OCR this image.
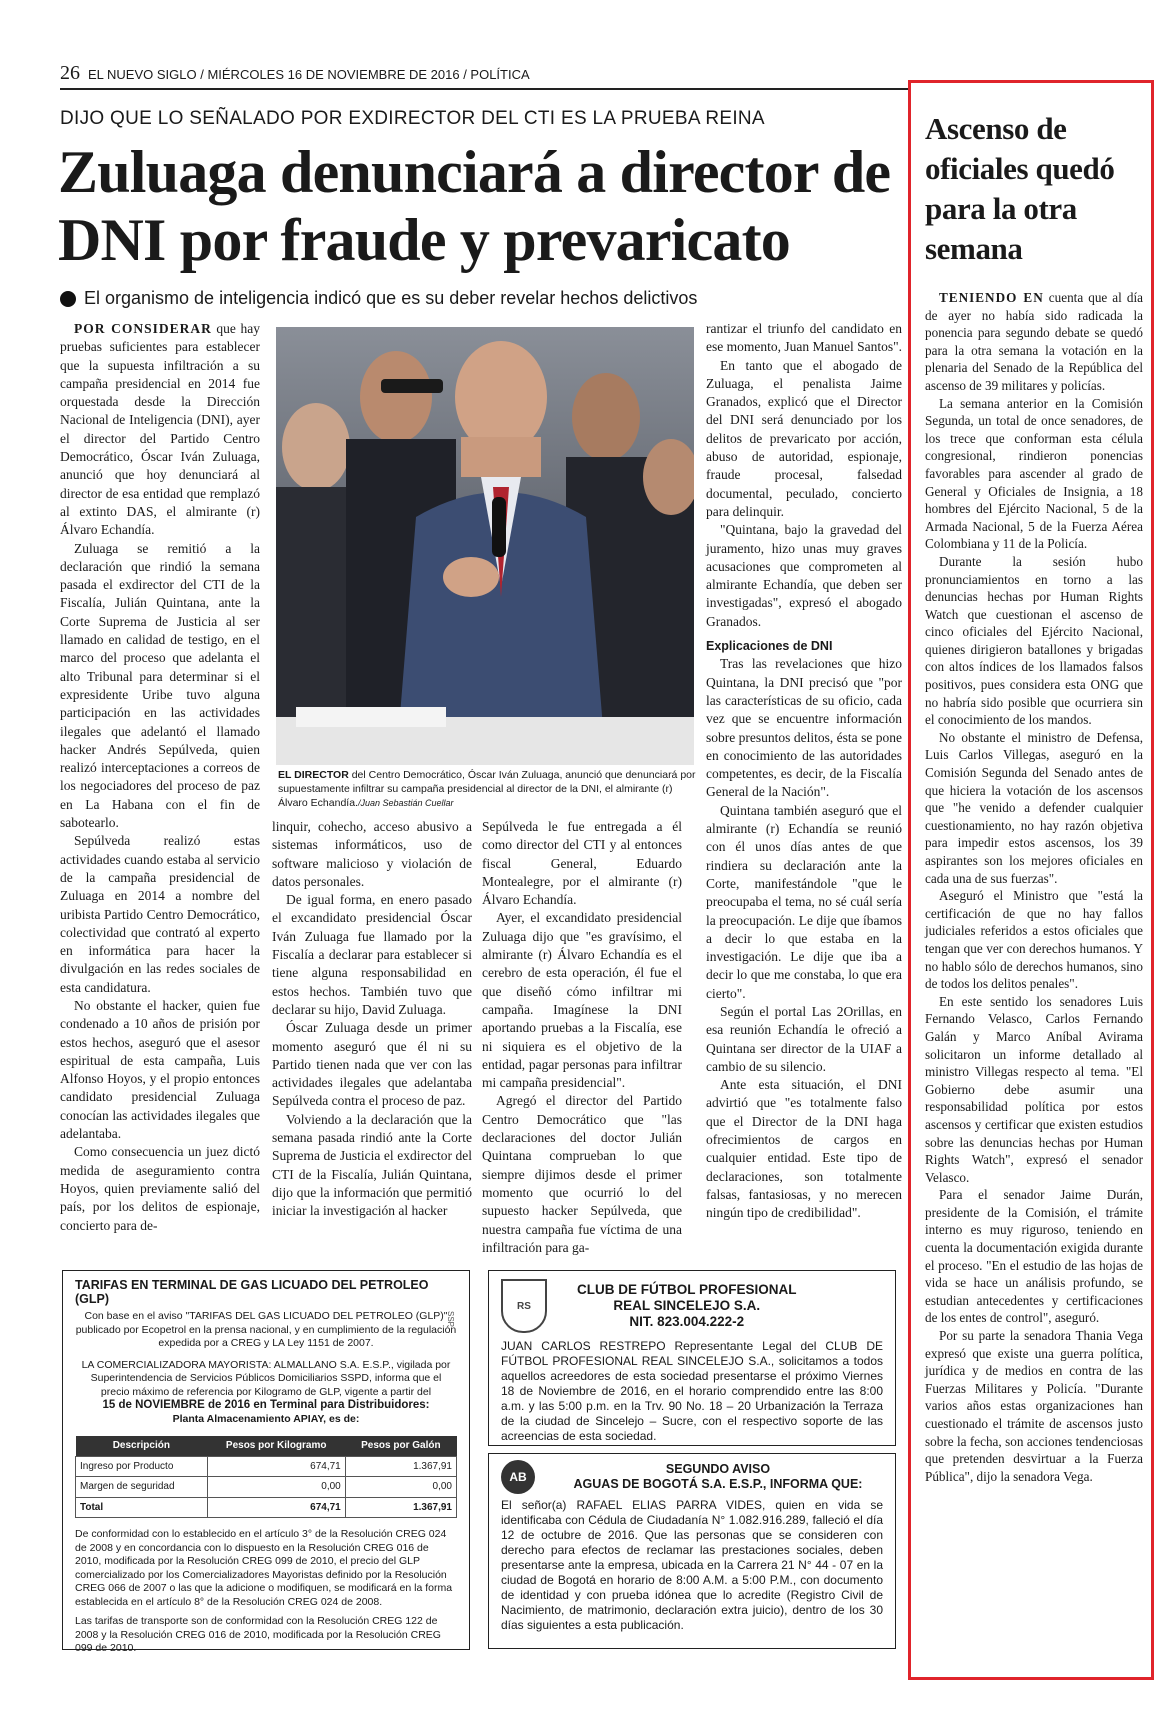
26 EL NUEVO SIGLO / MIÉRCOLES 16 DE NOVIEMBRE DE 2016 / POLÍTICA
DIJO QUE LO SEÑALADO POR EXDIRECTOR DEL CTI ES LA PRUEBA REINA
Zuluaga denunciará a director de DNI por fraude y prevaricato
El organismo de inteligencia indicó que es su deber revelar hechos delictivos

POR CONSIDERAR que hay pruebas suficientes para establecer que la supuesta infiltración a su campaña presidencial en 2014 fue orquestada desde la Dirección Nacional de Inteligencia (DNI), ayer el director del Partido Centro Democrático, Óscar Iván Zuluaga, anunció que hoy denunciará al director de esa entidad que remplazó al extinto DAS, el almirante (r) Álvaro Echandía.

Zuluaga se remitió a la declaración que rindió la semana pasada el exdirector del CTI de la Fiscalía, Julián Quintana, ante la Corte Suprema de Justicia al ser llamado en calidad de testigo, en el marco del proceso que adelanta el alto Tribunal para determinar si el expresidente Uribe tuvo alguna participación en las actividades ilegales que adelantó el llamado hacker Andrés Sepúlveda, quien realizó interceptaciones a correos de los negociadores del proceso de paz en La Habana con el fin de sabotearlo.

Sepúlveda realizó estas actividades cuando estaba al servicio de la campaña presidencial de Zuluaga en 2014 a nombre del uribista Partido Centro Democrático, colectividad que contrató al experto en informática para hacer la divulgación en las redes sociales de esta candidatura.

No obstante el hacker, quien fue condenado a 10 años de prisión por estos hechos, aseguró que el asesor espiritual de esta campaña, Luis Alfonso Hoyos, y el propio entonces candidato presidencial Zuluaga conocían las actividades ilegales que adelantaba.

Como consecuencia un juez dictó medida de aseguramiento contra Hoyos, quien previamente salió del país, por los delitos de espionaje, concierto para de-

EL DIRECTOR del Centro Democrático, Óscar Iván Zuluaga, anunció que denunciará por supuestamente infiltrar su campaña presidencial al director de la DNI, el almirante (r) Álvaro Echandía./Juan Sebastián Cuellar

linquir, cohecho, acceso abusivo a sistemas informáticos, uso de software malicioso y violación de datos personales.

De igual forma, en enero pasado el excandidato presidencial Óscar Iván Zuluaga fue llamado por la Fiscalía a declarar para establecer si tiene alguna responsabilidad en estos hechos. También tuvo que declarar su hijo, David Zuluaga.

Óscar Zuluaga desde un primer momento aseguró que él ni su Partido tienen nada que ver con las actividades ilegales que adelantaba Sepúlveda contra el proceso de paz.

Volviendo a la declaración que la semana pasada rindió ante la Corte Suprema de Justicia el exdirector del CTI de la Fiscalía, Julián Quintana, dijo que la información que permitió iniciar la investigación al hacker

Sepúlveda le fue entregada a él como director del CTI y al entonces fiscal General, Eduardo Montealegre, por el almirante (r) Álvaro Echandía.

Ayer, el excandidato presidencial Zuluaga dijo que "es gravísimo, el almirante (r) Álvaro Echandía es el cerebro de esta operación, él fue el que diseñó cómo infiltrar mi campaña. Imagínese la DNI aportando pruebas a la Fiscalía, ese ni siquiera es el objetivo de la entidad, pagar personas para infiltrar mi campaña presidencial".

Agregó el director del Partido Centro Democrático que "las declaraciones del doctor Julián Quintana comprueban lo que siempre dijimos desde el primer momento que ocurrió lo del supuesto hacker Sepúlveda, que nuestra campaña fue víctima de una infiltración para ga-

rantizar el triunfo del candidato en ese momento, Juan Manuel Santos".

En tanto que el abogado de Zuluaga, el penalista Jaime Granados, explicó que el Director del DNI será denunciado por los delitos de prevaricato por acción, abuso de autoridad, espionaje, fraude procesal, falsedad documental, peculado, concierto para delinquir.

"Quintana, bajo la gravedad del juramento, hizo unas muy graves acusaciones que comprometen al almirante Echandía, que deben ser investigadas", expresó el abogado Granados.

Explicaciones de DNI

Tras las revelaciones que hizo Quintana, la DNI precisó que "por las características de su oficio, cada vez que se encuentre información sobre presuntos delitos, ésta se pone en conocimiento de las autoridades competentes, es decir, de la Fiscalía General de la Nación".

Quintana también aseguró que el almirante (r) Echandía se reunió con él unos días antes de que rindiera su declaración ante la Corte, manifestándole "que le preocupaba el tema, no sé cuál sería la preocupación. Le dije que íbamos a decir lo que estaba en la investigación. Le dije que iba a decir lo que me constaba, lo que era cierto".

Según el portal Las 2Orillas, en esa reunión Echandía le ofreció a Quintana ser director de la UIAF a cambio de su silencio.

Ante esta situación, el DNI advirtió que "es totalmente falso que el Director de la DNI haga ofrecimientos de cargos en cualquier entidad. Este tipo de declaraciones, son totalmente falsas, fantasiosas, y no merecen ningún tipo de credibilidad".

Ascenso de oficiales quedó para la otra semana

TENIENDO EN cuenta que al día de ayer no había sido radicada la ponencia para segundo debate se quedó para la otra semana la votación en la plenaria del Senado de la República del ascenso de 39 militares y policías.

La semana anterior en la Comisión Segunda, un total de once senadores, de los trece que conforman esta célula congresional, rindieron ponencias favorables para ascender al grado de General y Oficiales de Insignia, a 18 hombres del Ejército Nacional, 5 de la Armada Nacional, 5 de la Fuerza Aérea Colombiana y 11 de la Policía.

Durante la sesión hubo pronunciamientos en torno a las denuncias hechas por Human Rights Watch que cuestionan el ascenso de cinco oficiales del Ejército Nacional, quienes dirigieron batallones y brigadas con altos índices de los llamados falsos positivos, pues considera esta ONG que no habría sido posible que ocurriera sin el conocimiento de los mandos.

No obstante el ministro de Defensa, Luis Carlos Villegas, aseguró en la Comisión Segunda del Senado antes de que hiciera la votación de los ascensos que "he venido a defender cualquier cuestionamiento, no hay razón objetiva para impedir estos ascensos, los 39 aspirantes son los mejores oficiales en cada una de sus fuerzas".

Aseguró el Ministro que "está la certificación de que no hay fallos judiciales referidos a estos oficiales que tengan que ver con derechos humanos. Y no hablo sólo de derechos humanos, sino de todos los delitos penales".

En este sentido los senadores Luis Fernando Velasco, Carlos Fernando Galán y Marco Aníbal Avirama solicitaron un informe detallado al ministro Villegas respecto al tema. "El Gobierno debe asumir una responsabilidad política por estos ascensos y certificar que existen estudios sobre las denuncias hechas por Human Rights Watch", expresó el senador Velasco.

Para el senador Jaime Durán, presidente de la Comisión, el trámite interno es muy riguroso, teniendo en cuenta la documentación exigida durante el proceso. "En el estudio de las hojas de vida se hace un análisis profundo, se estudian antecedentes y certificaciones de los entes de control", aseguró.

Por su parte la senadora Thania Vega expresó que existe una guerra política, jurídica y de medios en contra de las Fuerzas Militares y Policía. "Durante varios años estas organizaciones han cuestionado el trámite de ascensos justo sobre la fecha, son acciones tendenciosas que pretenden desvirtuar a la Fuerza Pública", dijo la senadora Vega.

TARIFAS EN TERMINAL DE GAS LICUADO DEL PETROLEO (GLP)
Con base en el aviso "TARIFAS DEL GAS LICUADO DEL PETROLEO (GLP)" publicado por Ecopetrol en la prensa nacional, y en cumplimiento de la regulación expedida por a CREG y LA Ley 1151 de 2007.
SSP
LA COMERCIALIZADORA MAYORISTA: ALMALLANO S.A. E.S.P., vigilada por Superintendencia de Servicios Públicos Domiciliarios SSPD, informa que el precio máximo de referencia por Kilogramo de GLP, vigente a partir del
15 de NOVIEMBRE de 2016 en Terminal para Distribuidores:
Planta Almacenamiento APIAY, es de:
Descripción	Pesos por Kilogramo	Pesos por Galón
Ingreso por Producto	674,71	1.367,91
Margen de seguridad	0,00	0,00
Total	674,71	1.367,91
De conformidad con lo establecido en el artículo 3° de la Resolución CREG 024 de 2008 y en concordancia con lo dispuesto en la Resolución CREG 016 de 2010, modificada por la Resolución CREG 099 de 2010, el precio del GLP comercializado por los Comercializadores Mayoristas definido por la Resolución CREG 066 de 2007 o las que la adicione o modifiquen, se modificará en la forma establecida en el artículo 8° de la Resolución CREG 024 de 2008.
Las tarifas de transporte son de conformidad con la Resolución CREG 122 de 2008 y la Resolución CREG 016 de 2010, modificada por la Resolución CREG 099 de 2010.
RS
CLUB DE FÚTBOL PROFESIONAL
REAL SINCELEJO S.A.
NIT. 823.004.222-2
JUAN CARLOS RESTREPO Representante Legal del CLUB DE FÚTBOL PROFESIONAL REAL SINCELEJO S.A., solicitamos a todos aquellos acreedores de esta sociedad presentarse el próximo Viernes 18 de Noviembre de 2016, en el horario comprendido entre las 8:00 a.m. y las 5:00 p.m. en la Trv. 90 No. 18 – 20 Urbanización la Terraza de la ciudad de Sincelejo – Sucre, con el respectivo soporte de las acreencias de esta sociedad.
AB
SEGUNDO AVISO
AGUAS DE BOGOTÁ S.A. E.S.P., INFORMA QUE:
El señor(a) RAFAEL ELIAS PARRA VIDES, quien en vida se identificaba con Cédula de Ciudadanía N° 1.082.916.289, falleció el día 12 de octubre de 2016. Que las personas que se consideren con derecho para efectos de reclamar las prestaciones sociales, deben presentarse ante la empresa, ubicada en la Carrera 21 N° 44 - 07 en la ciudad de Bogotá en horario de 8:00 A.M. a 5:00 P.M., con documento de identidad y con prueba idónea que lo acredite (Registro Civil de Nacimiento, de matrimonio, declaración extra juicio), dentro de los 30 días siguientes a esta publicación.
